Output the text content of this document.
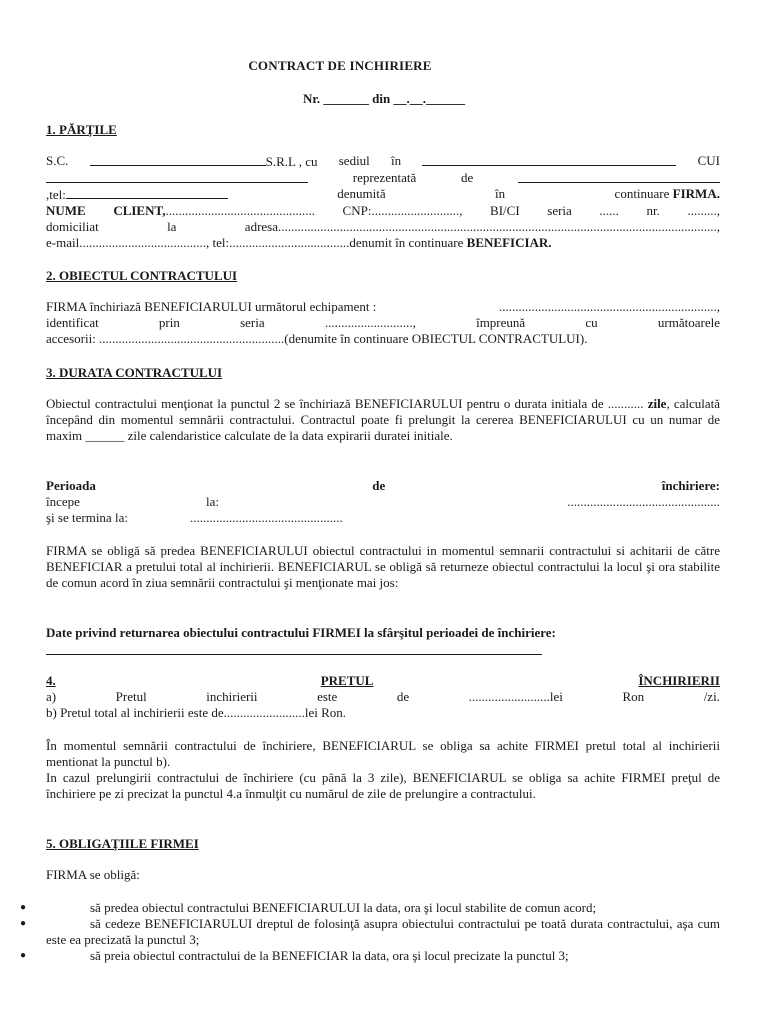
CONTRACT DE INCHIRIERE
Nr. _______ din __.__.______
1. PĂRŢILE
S.C.	S.R.L , cu sediul în	CUI
reprezentată	de
,tel:	denumită	în	continuare FIRMA.
NUME CLIENT,.............................................. CNP:..........................., BI/CI seria ...... nr. .........,
domiciliat	la	adresa.......................................................................................................................................,
e-mail......................................., tel:.....................................denumit în continuare BENEFICIAR.
2. OBIECTUL CONTRACTULUI
FIRMA închiriază BENEFICIARULUI următorul echipament :	...................................................................,
identificat	prin	seria	...........................,	împreună	cu	următoarele
accesorii: .........................................................(denumite în continuare OBIECTUL CONTRACTULUI).
3. DURATA CONTRACTULUI

Obiectul contractului menţionat la punctul 2 se închiriază BENEFICIARULUI pentru o durata initiala de ........... zile, calculată începând din momentul semnării contractului. Contractul poate fi prelungit la cererea BENEFICIARULUI cu un numar de maxim ______ zile calendaristice calculate de la data expirarii duratei initiale.

Perioada	de	închiriere:
începe	la:	...............................................
şi se termina la:	...............................................

FIRMA se obligă să predea BENEFICIARULUI obiectul contractului in momentul semnarii contractului si achitarii de către BENEFICIAR a pretului total al inchirierii. BENEFICIARUL se obligă să returneze obiectul contractului la locul şi ora stabilite de comun acord în ziua semnării contractului şi menţionate mai jos:

Date privind returnarea obiectului contractului FIRMEI la sfârşitul perioadei de închiriere:

4.	PRETUL	ÎNCHIRIERII
a)	Pretul	inchirierii	este	de	.........................lei	Ron	/zi.
b) Pretul total al inchirierii este de.........................lei Ron.

În momentul semnării contractului de închiriere, BENEFICIARUL se obliga sa achite FIRMEI pretul total al inchirierii mentionat la punctul b).

In cazul prelungirii contractului de închiriere (cu până la 3 zile), BENEFICIARUL se obliga sa achite FIRMEI preţul de închiriere pe zi precizat la punctul 4.a înmulţit cu numărul de zile de prelungire a contractului.

5. OBLIGAŢIILE FIRMEI
FIRMA se obligă:
●	să predea obiectul contractului BENEFICIARULUI la data, ora şi locul stabilite de comun acord;
●	să cedeze BENEFICIARULUI dreptul de folosinţă asupra obiectului contractului pe toată durata contractului, aşa cum este ea precizată la punctul 3;
●	să preia obiectul contractului de la BENEFICIAR la data, ora şi locul precizate la punctul 3;
